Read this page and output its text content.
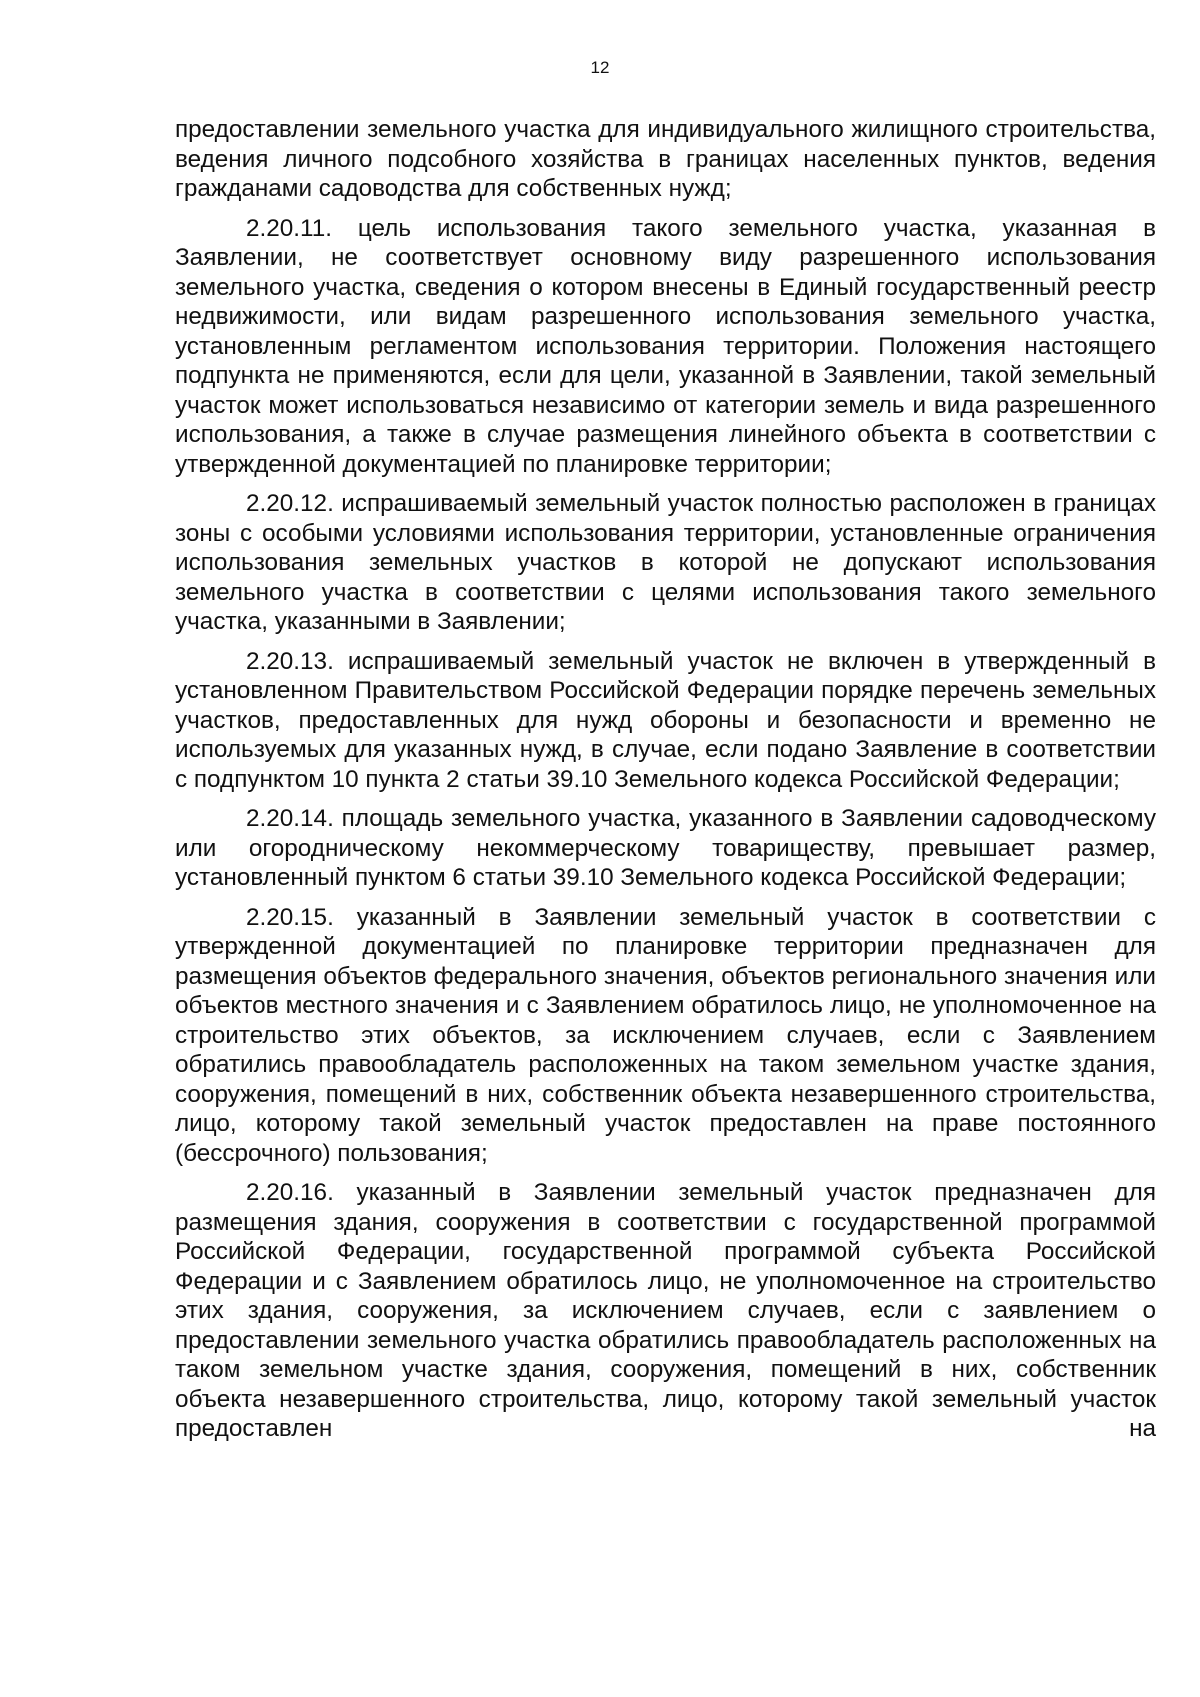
12

предоставлении земельного участка для индивидуального жилищного строительства, ведения личного подсобного хозяйства в границах населенных пунктов, ведения гражданами садоводства для собственных нужд;

2.20.11. цель использования такого земельного участка, указанная в Заявлении, не соответствует основному виду разрешенного использования земельного участка, сведения о котором внесены в Единый государственный реестр недвижимости, или видам разрешенного использования земельного участка, установленным регламентом использования территории. Положения настоящего подпункта не применяются, если для цели, указанной в Заявлении, такой земельный участок может использоваться независимо от категории земель и вида разрешенного использования, а также в случае размещения линейного объекта в соответствии с утвержденной документацией по планировке территории;

2.20.12. испрашиваемый земельный участок полностью расположен в границах зоны с особыми условиями использования территории, установленные ограничения использования земельных участков в которой не допускают использования земельного участка в соответствии с целями использования такого земельного участка, указанными в Заявлении;

2.20.13. испрашиваемый земельный участок не включен в утвержденный в установленном Правительством Российской Федерации порядке перечень земельных участков, предоставленных для нужд обороны и безопасности и временно не используемых для указанных нужд, в случае, если подано Заявление в соответствии с подпунктом 10 пункта 2 статьи 39.10 Земельного кодекса Российской Федерации;

2.20.14. площадь земельного участка, указанного в Заявлении садоводческому или огородническому некоммерческому товариществу, превышает размер, установленный пунктом 6 статьи 39.10 Земельного кодекса Российской Федерации;

2.20.15. указанный в Заявлении земельный участок в соответствии с утвержденной документацией по планировке территории предназначен для размещения объектов федерального значения, объектов регионального значения или объектов местного значения и с Заявлением обратилось лицо, не уполномоченное на строительство этих объектов, за исключением случаев, если с Заявлением обратились правообладатель расположенных на таком земельном участке здания, сооружения, помещений в них, собственник объекта незавершенного строительства, лицо, которому такой земельный участок предоставлен на праве постоянного (бессрочного) пользования;

2.20.16. указанный в Заявлении земельный участок предназначен для размещения здания, сооружения в соответствии с государственной программой Российской Федерации, государственной программой субъекта Российской Федерации и с Заявлением обратилось лицо, не уполномоченное на строительство этих здания, сооружения, за исключением случаев, если с заявлением о предоставлении земельного участка обратились правообладатель расположенных на таком земельном участке здания, сооружения, помещений в них, собственник объекта незавершенного строительства, лицо, которому такой земельный участок предоставлен на
